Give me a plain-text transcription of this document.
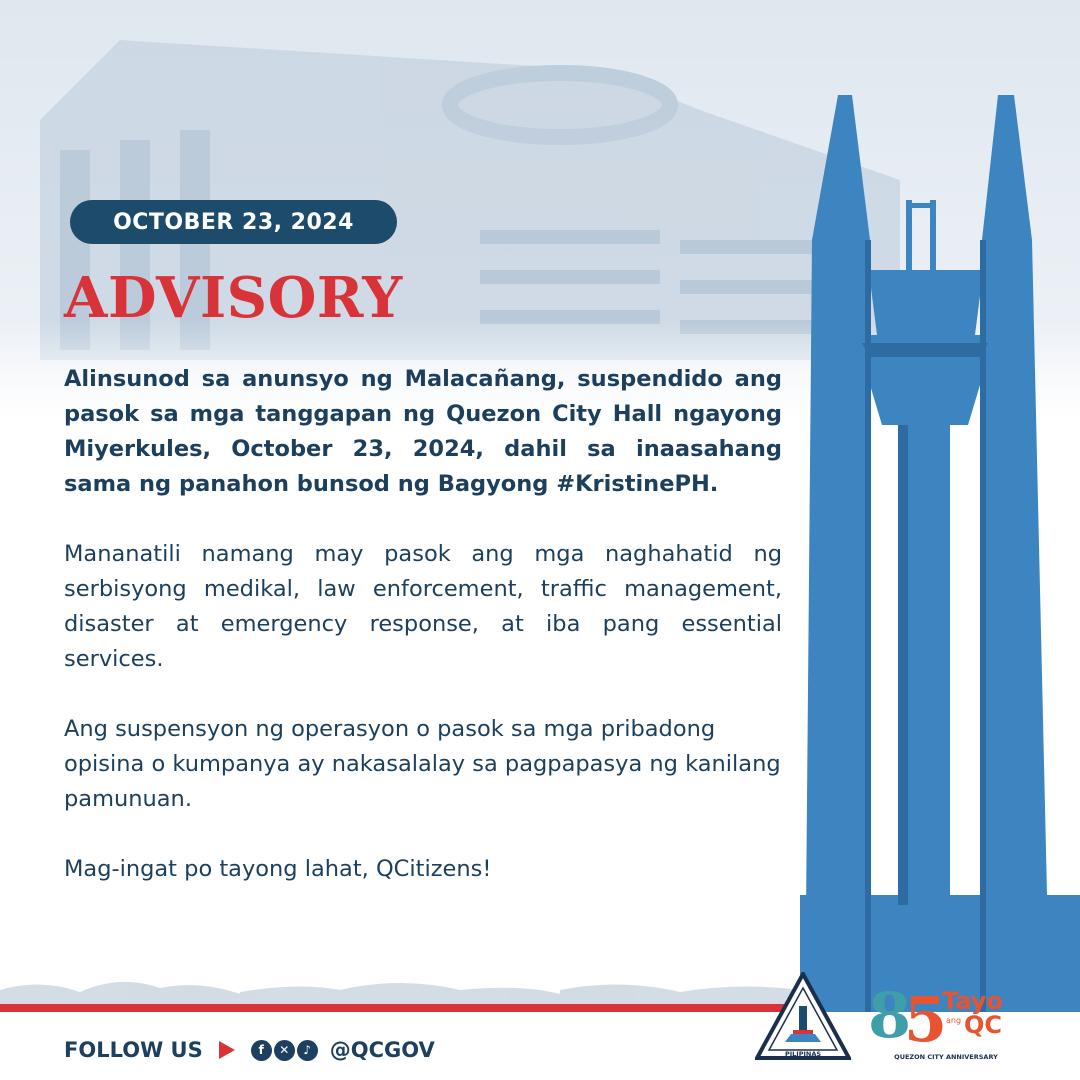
OCTOBER 23, 2024
ADVISORY

Alinsunod sa anunsyo ng Malacañang, suspendido ang pasok sa mga tanggapan ng Quezon City Hall ngayong Miyerkules, October 23, 2024, dahil sa inaasahang sama ng panahon bunsod ng Bagyong #KristinePH.

Mananatili namang may pasok ang mga naghahatid ng serbisyong medikal, law enforcement, traffic management, disaster at emergency response, at iba pang essential services.

Ang suspensyon ng operasyon o pasok sa mga pribadong opisina o kumpanya ay nakasalalay sa pagpapasya ng kanilang pamunuan.

Mag-ingat po tayong lahat, QCitizens!

FOLLOW US	f	✕	♪ @QCGOV	PILIPINAS
8
5
Tayo
ang QC
QUEZON CITY ANNIVERSARY
